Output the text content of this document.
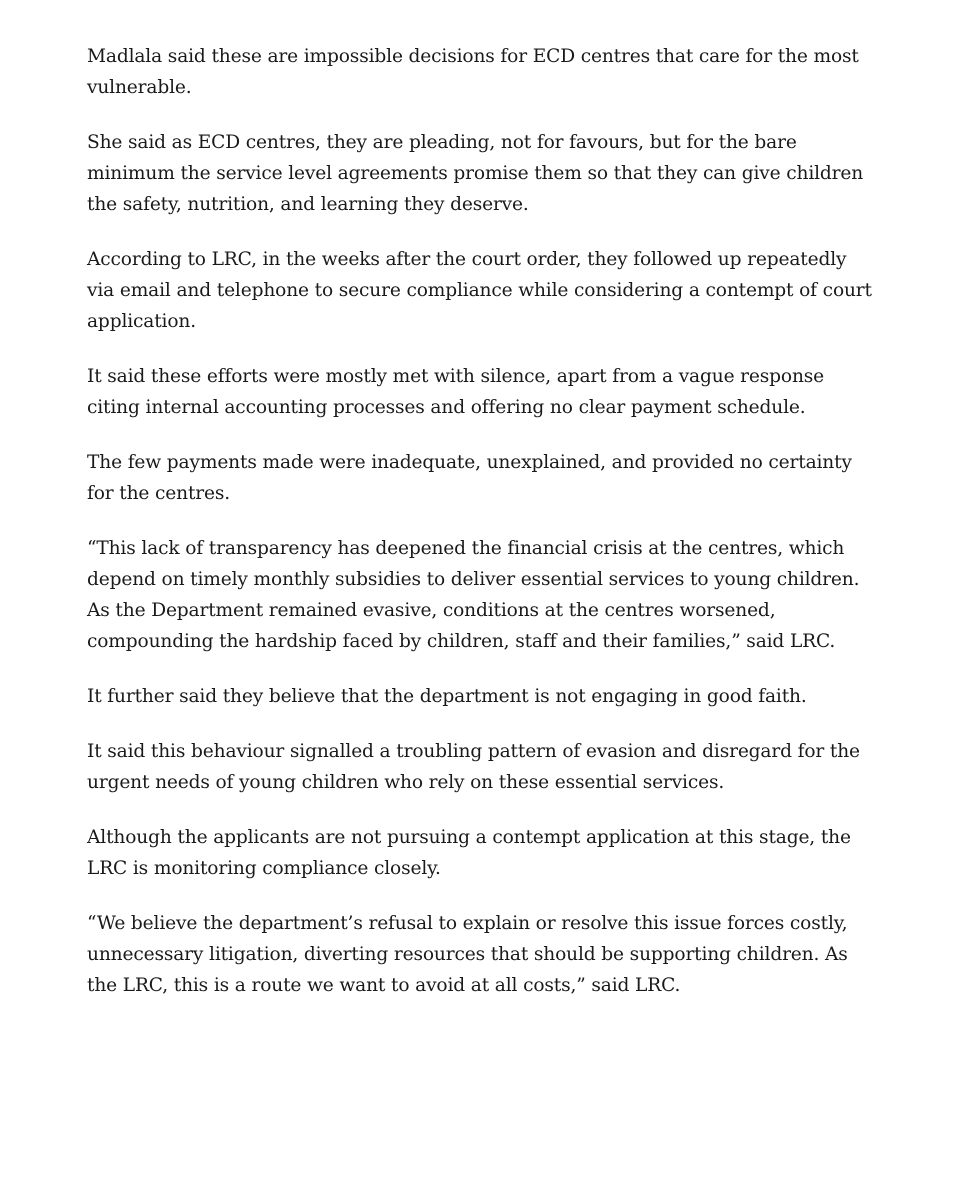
Madlala said these are impossible decisions for ECD centres that care for the most vulnerable.

She said as ECD centres, they are pleading, not for favours, but for the bare minimum the service level agreements promise them so that they can give children the safety, nutrition, and learning they deserve.

According to LRC, in the weeks after the court order, they followed up repeatedly via email and telephone to secure compliance while considering a contempt of court application.

It said these efforts were mostly met with silence, apart from a vague response citing internal accounting processes and offering no clear payment schedule.

The few payments made were inadequate, unexplained, and provided no certainty for the centres.

“This lack of transparency has deepened the financial crisis at the centres, which depend on timely monthly subsidies to deliver essential services to young children. As the Department remained evasive, conditions at the centres worsened, compounding the hardship faced by children, staff and their families,” said LRC.

It further said they believe that the department is not engaging in good faith.

It said this behaviour signalled a troubling pattern of evasion and disregard for the urgent needs of young children who rely on these essential services.

Although the applicants are not pursuing a contempt application at this stage, the LRC is monitoring compliance closely.

“We believe the department’s refusal to explain or resolve this issue forces costly, unnecessary litigation, diverting resources that should be supporting children. As the LRC, this is a route we want to avoid at all costs,” said LRC.
